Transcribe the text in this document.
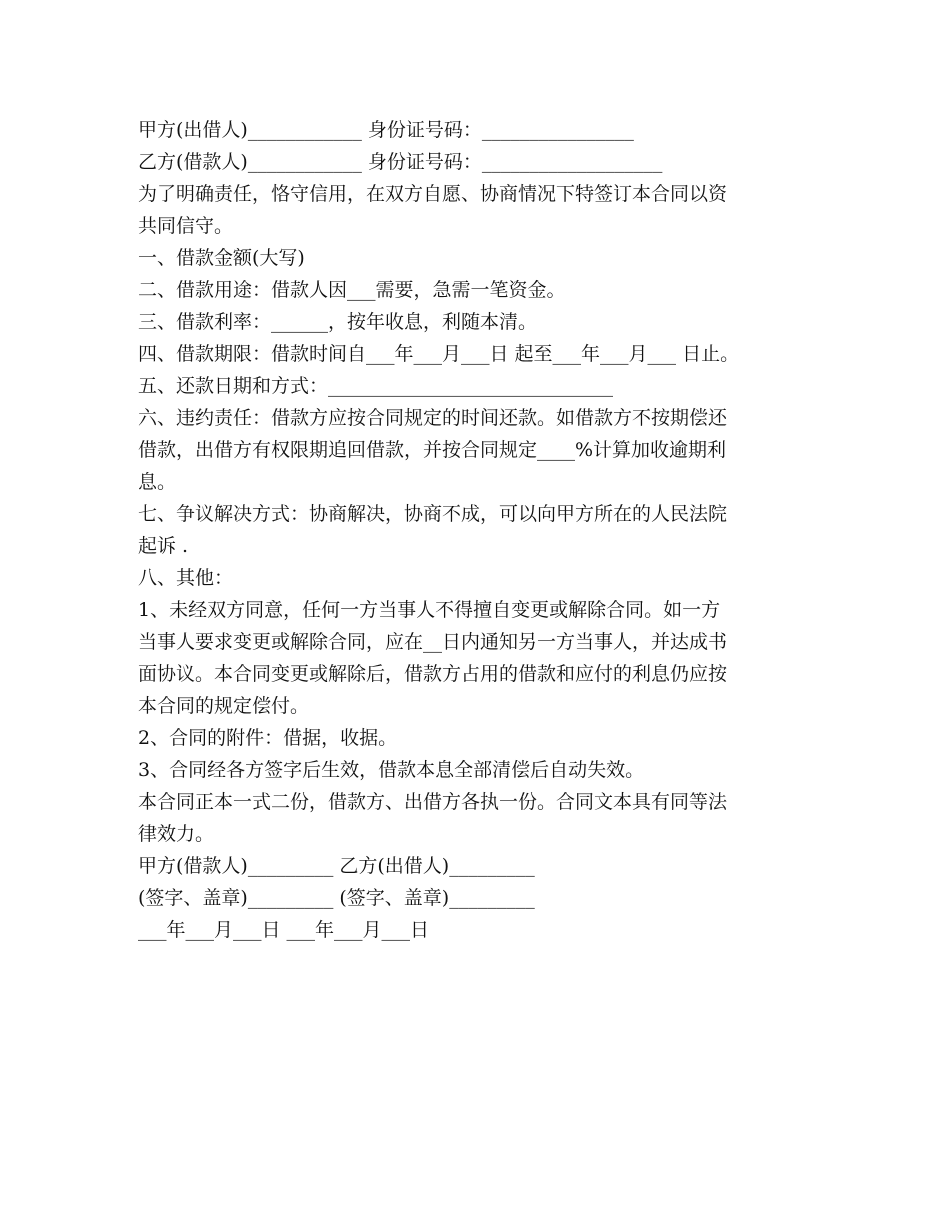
甲方(出借人)____________ 身份证号码：________________

乙方(借款人)____________ 身份证号码：___________________

为了明确责任，恪守信用，在双方自愿、协商情况下特签订本合同以资

共同信守。

一、借款金额(大写)

二、借款用途：借款人因___需要，急需一笔资金。

三、借款利率：______，按年收息，利随本清。

四、借款期限：借款时间自___年___月___日 起至___年___月___ 日止。

五、还款日期和方式：______________________________

六、违约责任：借款方应按合同规定的时间还款。如借款方不按期偿还

借款，出借方有权限期追回借款，并按合同规定____%计算加收逾期利

息。

七、争议解决方式：协商解决，协商不成，可以向甲方所在的人民法院

起诉 .

八、其他：

1、未经双方同意，任何一方当事人不得擅自变更或解除合同。如一方

当事人要求变更或解除合同，应在__日内通知另一方当事人，并达成书

面协议。本合同变更或解除后，借款方占用的借款和应付的利息仍应按

本合同的规定偿付。

2、合同的附件：借据，收据。

3、合同经各方签字后生效，借款本息全部清偿后自动失效。

本合同正本一式二份，借款方、出借方各执一份。合同文本具有同等法

律效力。

甲方(借款人)_________ 乙方(出借人)_________

(签字、盖章)_________ (签字、盖章)_________

___年___月___日 ___年___月___日
